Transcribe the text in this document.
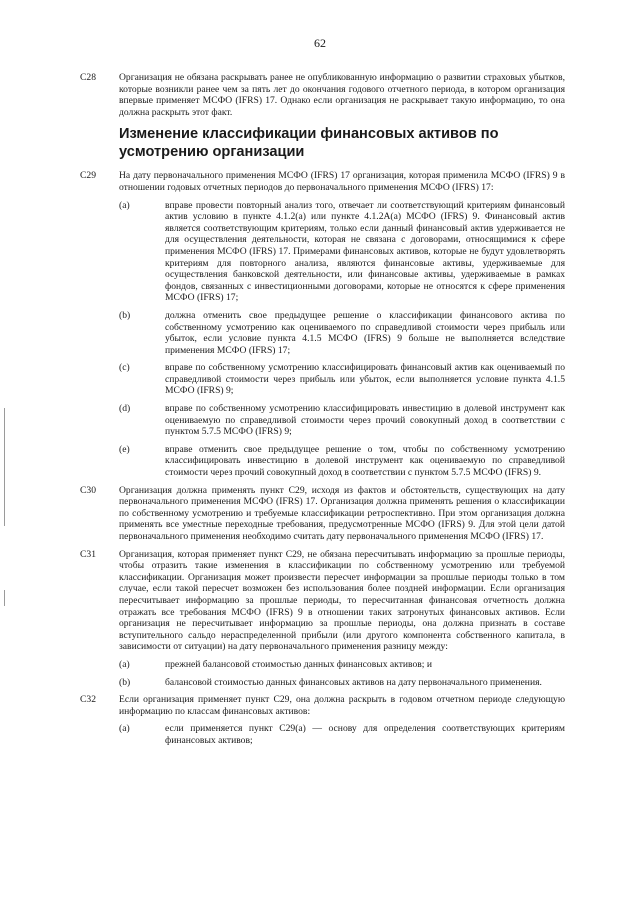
62
C28 Организация не обязана раскрывать ранее не опубликованную информацию о развитии страховых убытков, которые возникли ранее чем за пять лет до окончания годового отчетного периода, в котором организация впервые применяет МСФО (IFRS) 17. Однако если организация не раскрывает такую информацию, то она должна раскрыть этот факт.
Изменение классификации финансовых активов по усмотрению организации
C29 На дату первоначального применения МСФО (IFRS) 17 организация, которая применила МСФО (IFRS) 9 в отношении годовых отчетных периодов до первоначального применения МСФО (IFRS) 17:
(a)	вправе провести повторный анализ того, отвечает ли соответствующий критериям финансовый актив условию в пункте 4.1.2(a) или пункте 4.1.2A(a) МСФО (IFRS) 9. Финансовый актив является соответствующим критериям, только если данный финансовый актив удерживается не для осуществления деятельности, которая не связана с договорами, относящимися к сфере применения МСФО (IFRS) 17. Примерами финансовых активов, которые не будут удовлетворять критериям для повторного анализа, являются финансовые активы, удерживаемые для осуществления банковской деятельности, или финансовые активы, удерживаемые в рамках фондов, связанных с инвестиционными договорами, которые не относятся к сфере применения МСФО (IFRS) 17;
(b)	должна отменить свое предыдущее решение о классификации финансового актива по собственному усмотрению как оцениваемого по справедливой стоимости через прибыль или убыток, если условие пункта 4.1.5 МСФО (IFRS) 9 больше не выполняется вследствие применения МСФО (IFRS) 17;
(c)	вправе по собственному усмотрению классифицировать финансовый актив как оцениваемый по справедливой стоимости через прибыль или убыток, если выполняется условие пункта 4.1.5 МСФО (IFRS) 9;
(d)	вправе по собственному усмотрению классифицировать инвестицию в долевой инструмент как оцениваемую по справедливой стоимости через прочий совокупный доход в соответствии с пунктом 5.7.5 МСФО (IFRS) 9;
(e)	вправе отменить свое предыдущее решение о том, чтобы по собственному усмотрению классифицировать инвестицию в долевой инструмент как оцениваемую по справедливой стоимости через прочий совокупный доход в соответствии с пунктом 5.7.5 МСФО (IFRS) 9.
C30 Организация должна применять пункт C29, исходя из фактов и обстоятельств, существующих на дату первоначального применения МСФО (IFRS) 17. Организация должна применять решения о классификации по собственному усмотрению и требуемые классификации ретроспективно. При этом организация должна применять все уместные переходные требования, предусмотренные МСФО (IFRS) 9. Для этой цели датой первоначального применения необходимо считать дату первоначального применения МСФО (IFRS) 17.
C31 Организация, которая применяет пункт C29, не обязана пересчитывать информацию за прошлые периоды, чтобы отразить такие изменения в классификации по собственному усмотрению или требуемой классификации. Организация может произвести пересчет информации за прошлые периоды только в том случае, если такой пересчет возможен без использования более поздней информации. Если организация пересчитывает информацию за прошлые периоды, то пересчитанная финансовая отчетность должна отражать все требования МСФО (IFRS) 9 в отношении таких затронутых финансовых активов. Если организация не пересчитывает информацию за прошлые периоды, она должна признать в составе вступительного сальдо нераспределенной прибыли (или другого компонента собственного капитала, в зависимости от ситуации) на дату первоначального применения разницу между:
(a)	прежней балансовой стоимостью данных финансовых активов; и
(b)	балансовой стоимостью данных финансовых активов на дату первоначального применения.
C32 Если организация применяет пункт C29, она должна раскрыть в годовом отчетном периоде следующую информацию по классам финансовых активов:
(a)	если применяется пункт C29(a) — основу для определения соответствующих критериям финансовых активов;
